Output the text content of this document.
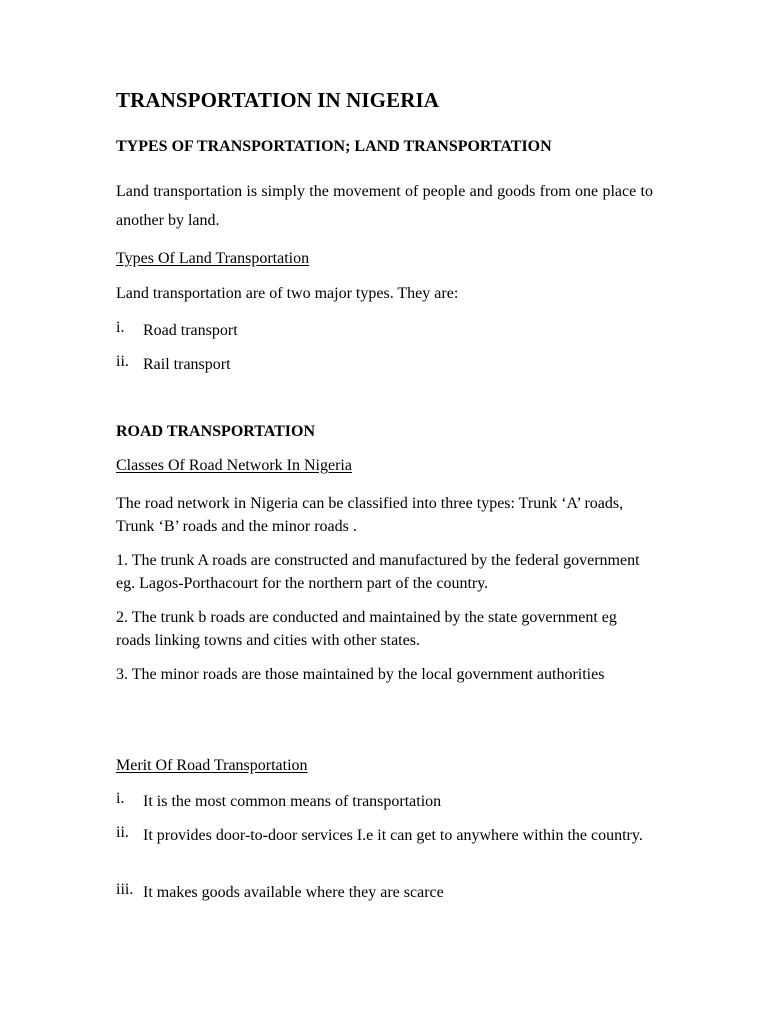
TRANSPORTATION IN NIGERIA
TYPES OF TRANSPORTATION; LAND TRANSPORTATION

Land transportation is simply the movement of people and goods from one place to another by land.

Types Of Land Transportation

Land transportation are of two major types. They are:

i. Road transport
ii. Rail transport
ROAD TRANSPORTATION

Classes Of Road Network In Nigeria

The road network in Nigeria can be classified into three types: Trunk ‘A’ roads, Trunk ‘B’ roads and the minor roads .

1. The trunk A roads are constructed and manufactured by the federal government eg. Lagos-Porthacourt for the northern part of the country.

2. The trunk b roads are conducted and maintained by the state government eg roads linking towns and cities with other states.

3. The minor roads are those maintained by the local government authorities

Merit Of Road Transportation

i. It is the most common means of transportation
ii. It provides door-to-door services I.e it can get to anywhere within the country.
iii. It makes goods available where they are scarce
